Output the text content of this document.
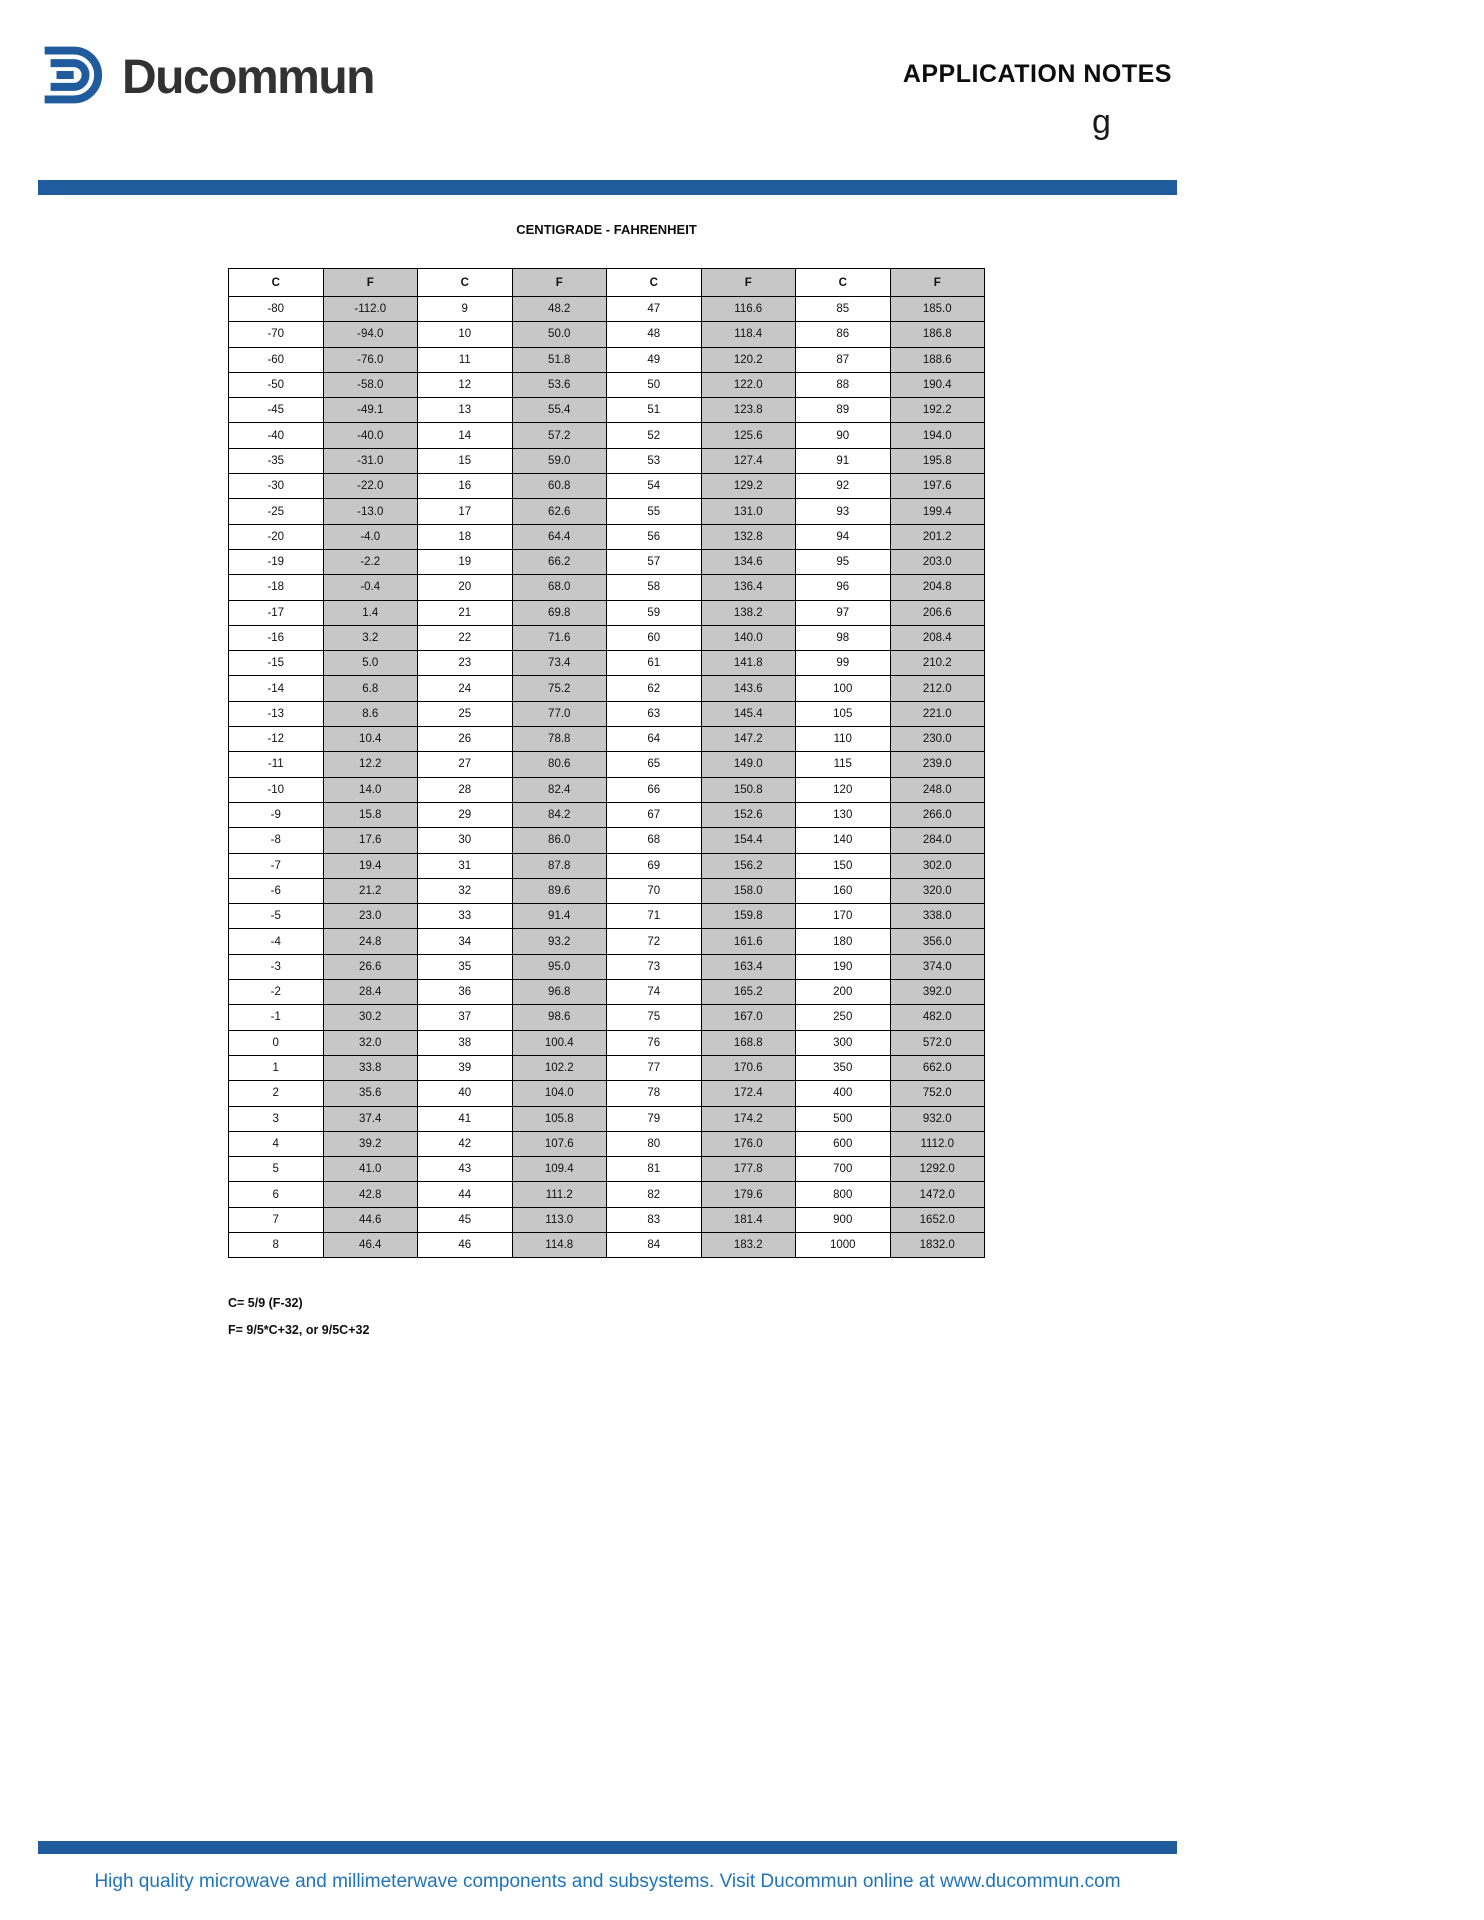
Ducommun	APPLICATION NOTES
g
CENTIGRADE - FAHRENHEIT
C	F	C	F	C	F	C	F
-80	-112.0	9	48.2	47	116.6	85	185.0
-70	-94.0	10	50.0	48	118.4	86	186.8
-60	-76.0	11	51.8	49	120.2	87	188.6
-50	-58.0	12	53.6	50	122.0	88	190.4
-45	-49.1	13	55.4	51	123.8	89	192.2
-40	-40.0	14	57.2	52	125.6	90	194.0
-35	-31.0	15	59.0	53	127.4	91	195.8
-30	-22.0	16	60.8	54	129.2	92	197.6
-25	-13.0	17	62.6	55	131.0	93	199.4
-20	-4.0	18	64.4	56	132.8	94	201.2
-19	-2.2	19	66.2	57	134.6	95	203.0
-18	-0.4	20	68.0	58	136.4	96	204.8
-17	1.4	21	69.8	59	138.2	97	206.6
-16	3.2	22	71.6	60	140.0	98	208.4
-15	5.0	23	73.4	61	141.8	99	210.2
-14	6.8	24	75.2	62	143.6	100	212.0
-13	8.6	25	77.0	63	145.4	105	221.0
-12	10.4	26	78.8	64	147.2	110	230.0
-11	12.2	27	80.6	65	149.0	115	239.0
-10	14.0	28	82.4	66	150.8	120	248.0
-9	15.8	29	84.2	67	152.6	130	266.0
-8	17.6	30	86.0	68	154.4	140	284.0
-7	19.4	31	87.8	69	156.2	150	302.0
-6	21.2	32	89.6	70	158.0	160	320.0
-5	23.0	33	91.4	71	159.8	170	338.0
-4	24.8	34	93.2	72	161.6	180	356.0
-3	26.6	35	95.0	73	163.4	190	374.0
-2	28.4	36	96.8	74	165.2	200	392.0
-1	30.2	37	98.6	75	167.0	250	482.0
0	32.0	38	100.4	76	168.8	300	572.0
1	33.8	39	102.2	77	170.6	350	662.0
2	35.6	40	104.0	78	172.4	400	752.0
3	37.4	41	105.8	79	174.2	500	932.0
4	39.2	42	107.6	80	176.0	600	1112.0
5	41.0	43	109.4	81	177.8	700	1292.0
6	42.8	44	111.2	82	179.6	800	1472.0
7	44.6	45	113.0	83	181.4	900	1652.0
8	46.4	46	114.8	84	183.2	1000	1832.0
C= 5/9 (F-32)
F= 9/5*C+32, or 9/5C+32
High quality microwave and millimeterwave components and subsystems. Visit Ducommun online at www.ducommun.com
